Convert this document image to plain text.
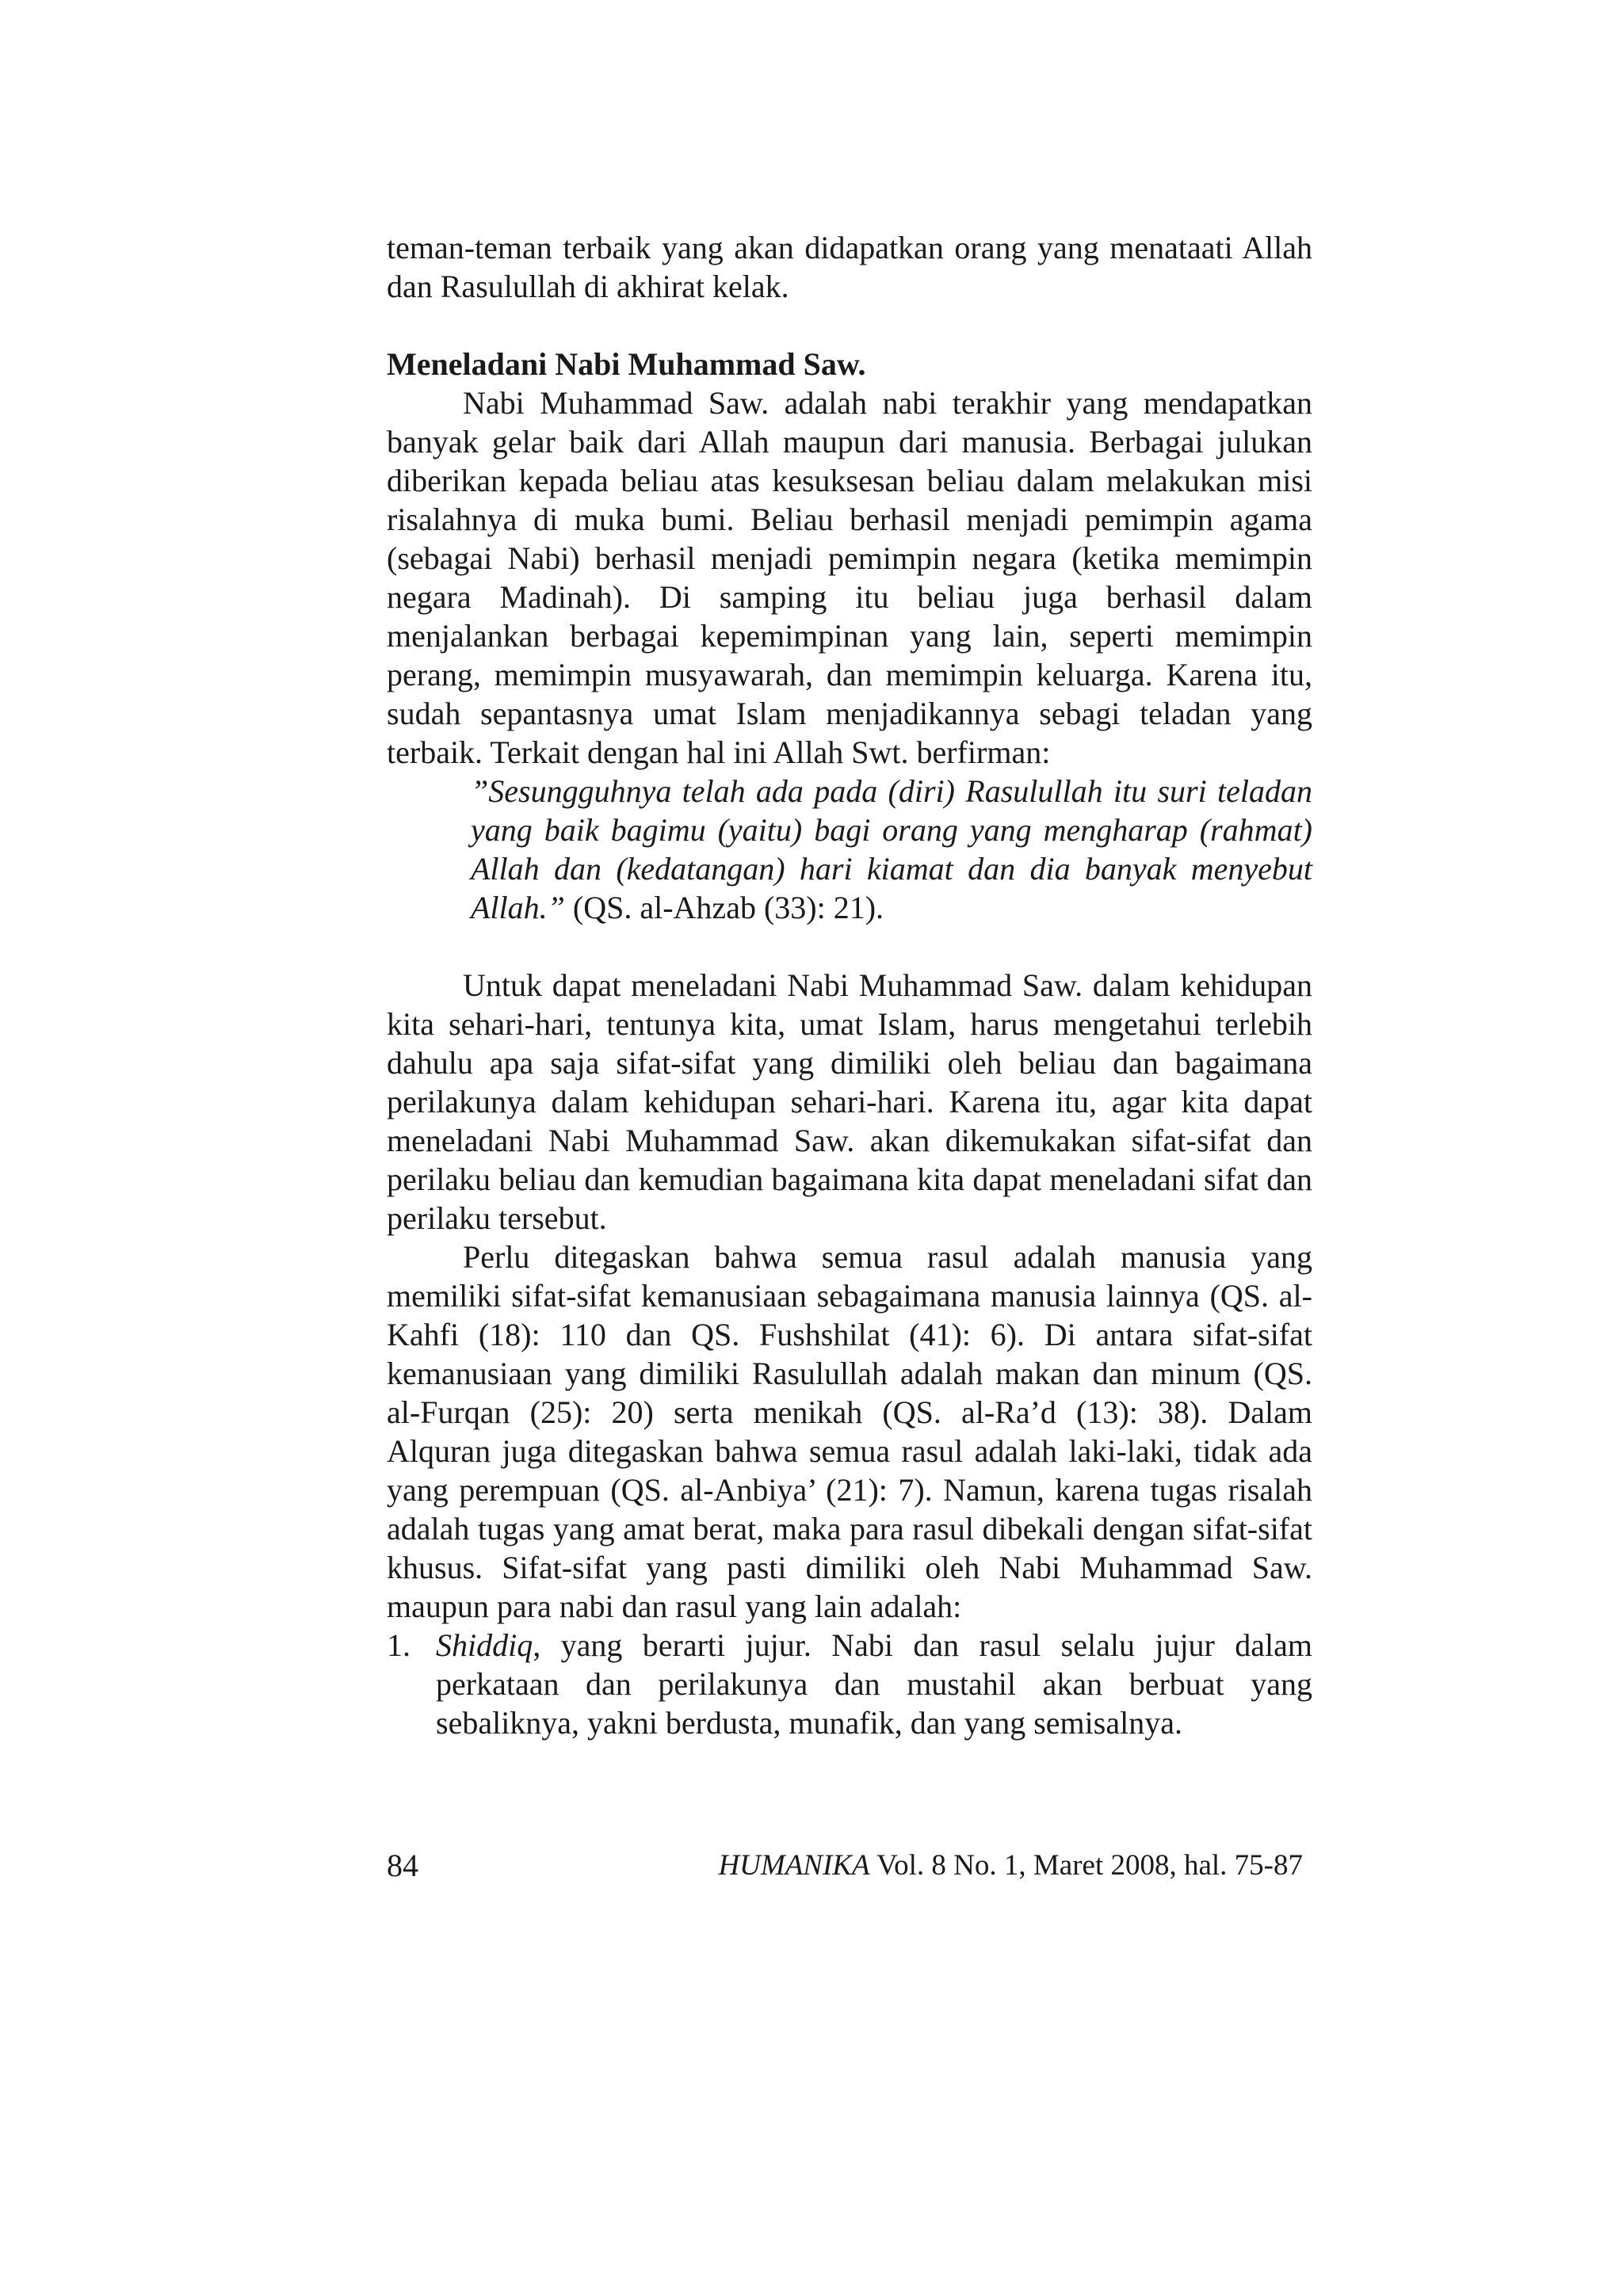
teman-teman terbaik yang akan didapatkan orang yang menataati Allah dan Rasulullah di akhirat kelak.

Meneladani Nabi Muhammad Saw.

Nabi Muhammad Saw. adalah nabi terakhir yang mendapatkan banyak gelar baik dari Allah maupun dari manusia. Berbagai julukan diberikan kepada beliau atas kesuksesan beliau dalam melakukan misi risalahnya di muka bumi. Beliau berhasil menjadi pemimpin agama (sebagai Nabi) berhasil menjadi pemimpin negara (ketika memimpin negara Madinah). Di samping itu beliau juga berhasil dalam menjalankan berbagai kepemimpinan yang lain, seperti memimpin perang, memimpin musyawarah, dan memimpin keluarga. Karena itu, sudah sepantasnya umat Islam menjadikannya sebagi teladan yang terbaik. Terkait dengan hal ini Allah Swt. berfirman:

”Sesungguhnya telah ada pada (diri) Rasulullah itu suri teladan yang baik bagimu (yaitu) bagi orang yang mengharap (rahmat) Allah dan (kedatangan) hari kiamat dan dia banyak menyebut Allah.” (QS. al-Ahzab (33): 21).

Untuk dapat meneladani Nabi Muhammad Saw. dalam kehidupan kita sehari-hari, tentunya kita, umat Islam, harus mengetahui terlebih dahulu apa saja sifat-sifat yang dimiliki oleh beliau dan bagaimana perilakunya dalam kehidupan sehari-hari. Karena itu, agar kita dapat meneladani Nabi Muhammad Saw. akan dikemukakan sifat-sifat dan perilaku beliau dan kemudian bagaimana kita dapat meneladani sifat dan perilaku tersebut.

Perlu ditegaskan bahwa semua rasul adalah manusia yang memiliki sifat-sifat kemanusiaan sebagaimana manusia lainnya (QS. al-Kahfi (18): 110 dan QS. Fushshilat (41): 6). Di antara sifat-sifat kemanusiaan yang dimiliki Rasulullah adalah makan dan minum (QS. al-Furqan (25): 20) serta menikah (QS. al-Ra’d (13): 38). Dalam Alquran juga ditegaskan bahwa semua rasul adalah laki-laki, tidak ada yang perempuan (QS. al-Anbiya’ (21): 7). Namun, karena tugas risalah adalah tugas yang amat berat, maka para rasul dibekali dengan sifat-sifat khusus. Sifat-sifat yang pasti dimiliki oleh Nabi Muhammad Saw. maupun para nabi dan rasul yang lain adalah:

1. Shiddiq, yang berarti jujur. Nabi dan rasul selalu jujur dalam perkataan dan perilakunya dan mustahil akan berbuat yang sebaliknya, yakni berdusta, munafik, dan yang semisalnya.
84	HUMANIKA Vol. 8 No. 1, Maret 2008, hal. 75-87
